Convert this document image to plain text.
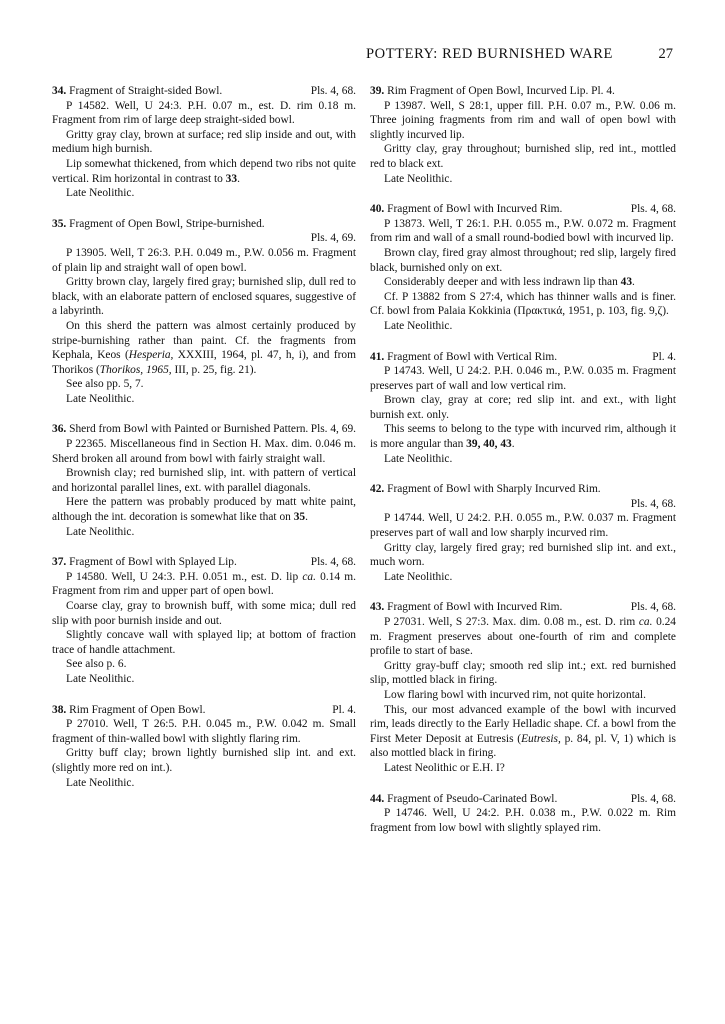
POTTERY: RED BURNISHED WARE	27

34. Fragment of Straight-sided Bowl.	Pls. 4, 68.

P 14582. Well, U 24:3. P.H. 0.07 m., est. D. rim 0.18 m. Fragment from rim of large deep straight-sided bowl.

Gritty gray clay, brown at surface; red slip inside and out, with medium high burnish.

Lip somewhat thickened, from which depend two ribs not quite vertical. Rim horizontal in contrast to 33.

Late Neolithic.

35. Fragment of Open Bowl, Stripe-burnished.

Pls. 4, 69.

P 13905. Well, T 26:3. P.H. 0.049 m., P.W. 0.056 m. Fragment of plain lip and straight wall of open bowl.

Gritty brown clay, largely fired gray; burnished slip, dull red to black, with an elaborate pattern of enclosed squares, suggestive of a labyrinth.

On this sherd the pattern was almost certainly produced by stripe-burnishing rather than paint. Cf. the fragments from Kephala, Keos (Hesperia, XXXIII, 1964, pl. 47, h, i), and from Thorikos (Thorikos, 1965, III, p. 25, fig. 21).

See also pp. 5, 7.

Late Neolithic.

36. Sherd from Bowl with Painted or Burnished Pattern. Pls. 4, 69.

P 22365. Miscellaneous find in Section H. Max. dim. 0.046 m. Sherd broken all around from bowl with fairly straight wall.

Brownish clay; red burnished slip, int. with pattern of vertical and horizontal parallel lines, ext. with parallel diagonals.

Here the pattern was probably produced by matt white paint, although the int. decoration is somewhat like that on 35.

Late Neolithic.

37. Fragment of Bowl with Splayed Lip.	Pls. 4, 68.

P 14580. Well, U 24:3. P.H. 0.051 m., est. D. lip ca. 0.14 m. Fragment from rim and upper part of open bowl.

Coarse clay, gray to brownish buff, with some mica; dull red slip with poor burnish inside and out.

Slightly concave wall with splayed lip; at bottom of fraction trace of handle attachment.

See also p. 6.

Late Neolithic.

38. Rim Fragment of Open Bowl.	Pl. 4.

P 27010. Well, T 26:5. P.H. 0.045 m., P.W. 0.042 m. Small fragment of thin-walled bowl with slightly flaring rim.

Gritty buff clay; brown lightly burnished slip int. and ext. (slightly more red on int.).

Late Neolithic.

39. Rim Fragment of Open Bowl, Incurved Lip. Pl. 4.

P 13987. Well, S 28:1, upper fill. P.H. 0.07 m., P.W. 0.06 m. Three joining fragments from rim and wall of open bowl with slightly incurved lip.

Gritty clay, gray throughout; burnished slip, red int., mottled red to black ext.

Late Neolithic.

40. Fragment of Bowl with Incurved Rim.	Pls. 4, 68.

P 13873. Well, T 26:1. P.H. 0.055 m., P.W. 0.072 m. Fragment from rim and wall of a small round-bodied bowl with incurved lip.

Brown clay, fired gray almost throughout; red slip, largely fired black, burnished only on ext.

Considerably deeper and with less indrawn lip than 43.

Cf. P 13882 from S 27:4, which has thinner walls and is finer. Cf. bowl from Palaia Kokkinia (Πρακτικά, 1951, p. 103, fig. 9,ζ).

Late Neolithic.

41. Fragment of Bowl with Vertical Rim.	Pl. 4.

P 14743. Well, U 24:2. P.H. 0.046 m., P.W. 0.035 m. Fragment preserves part of wall and low vertical rim.

Brown clay, gray at core; red slip int. and ext., with light burnish ext. only.

This seems to belong to the type with incurved rim, although it is more angular than 39, 40, 43.

Late Neolithic.

42. Fragment of Bowl with Sharply Incurved Rim.

Pls. 4, 68.

P 14744. Well, U 24:2. P.H. 0.055 m., P.W. 0.037 m. Fragment preserves part of wall and low sharply incurved rim.

Gritty clay, largely fired gray; red burnished slip int. and ext., much worn.

Late Neolithic.

43. Fragment of Bowl with Incurved Rim.	Pls. 4, 68.

P 27031. Well, S 27:3. Max. dim. 0.08 m., est. D. rim ca. 0.24 m. Fragment preserves about one-fourth of rim and complete profile to start of base.

Gritty gray-buff clay; smooth red slip int.; ext. red burnished slip, mottled black in firing.

Low flaring bowl with incurved rim, not quite horizontal.

This, our most advanced example of the bowl with incurved rim, leads directly to the Early Helladic shape. Cf. a bowl from the First Meter Deposit at Eutresis (Eutresis, p. 84, pl. V, 1) which is also mottled black in firing.

Latest Neolithic or E.H. I?

44. Fragment of Pseudo-Carinated Bowl.	Pls. 4, 68.

P 14746. Well, U 24:2. P.H. 0.038 m., P.W. 0.022 m. Rim fragment from low bowl with slightly splayed rim.
